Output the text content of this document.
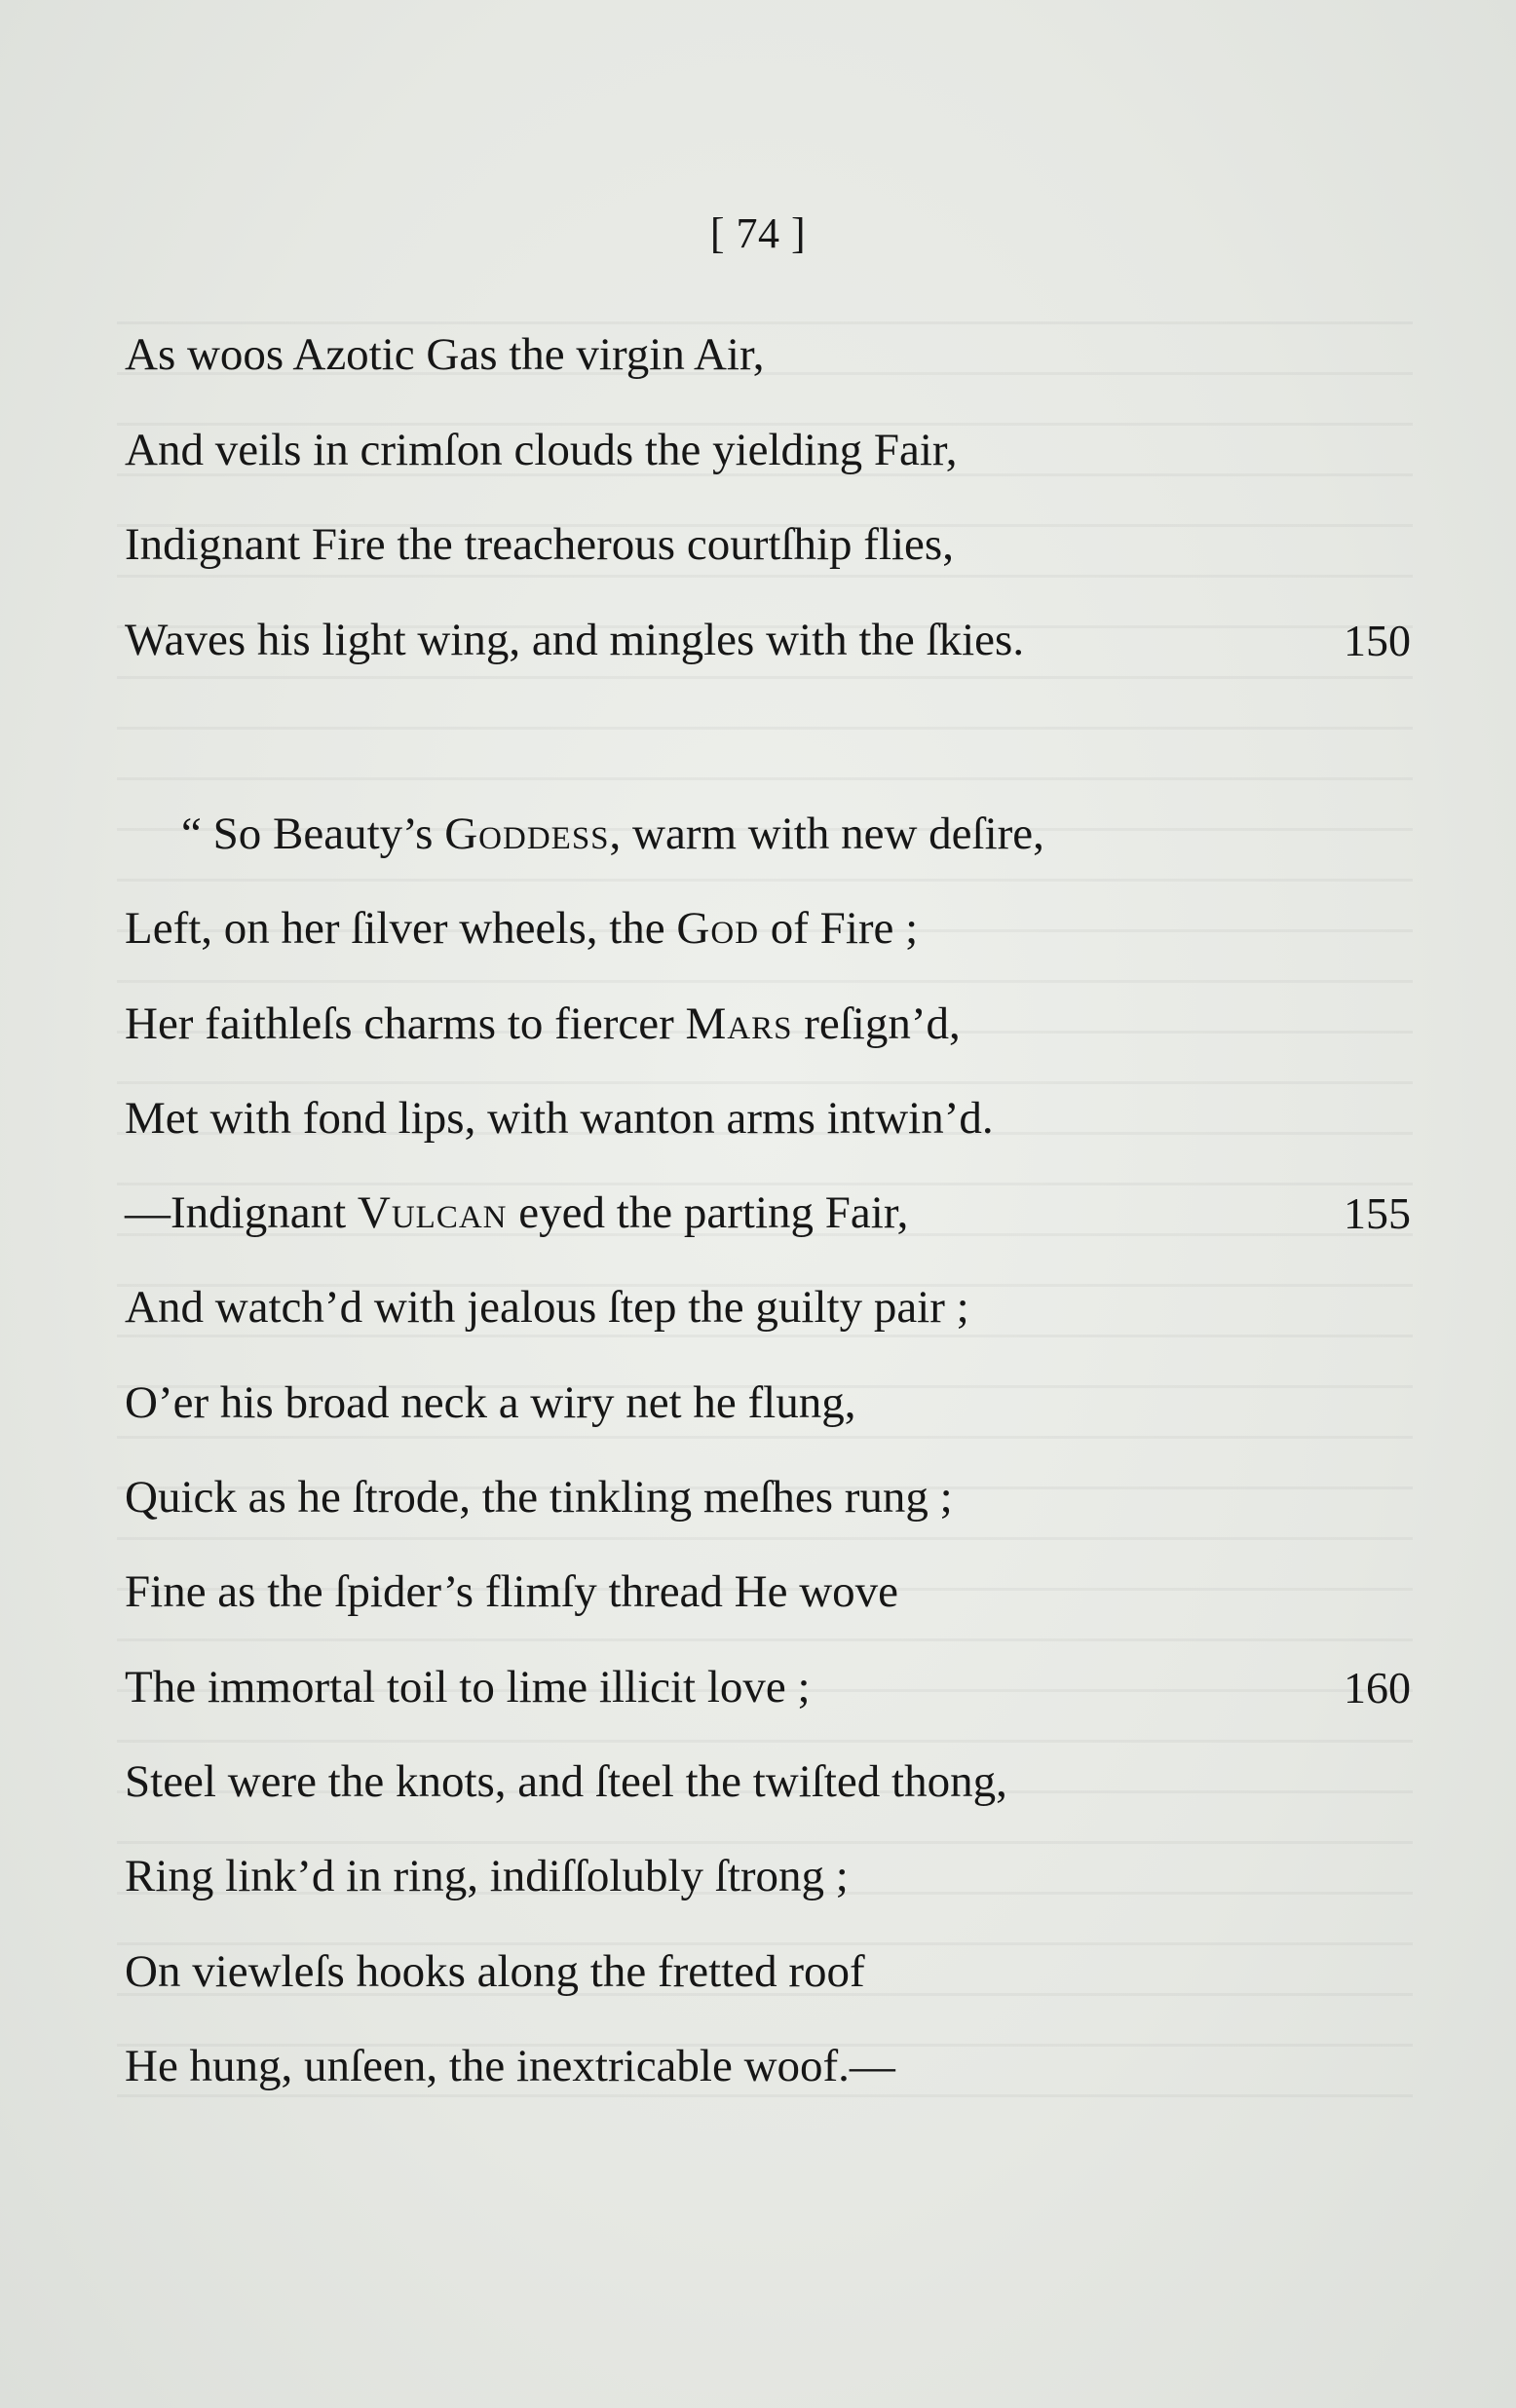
[ 74 ]
As woos Azotic Gas the virgin Air,
And veils in crimſon clouds the yielding Fair,
Indignant Fire the treacherous courtſhip flies,
Waves his light wing, and mingles with the ſkies.	150
“ So Beauty’s Goddess, warm with new deſire,
Left, on her ſilver wheels, the God of Fire ;
Her faithleſs charms to fiercer Mars reſign’d,
Met with fond lips, with wanton arms intwin’d.
—Indignant Vulcan eyed the parting Fair,	155
And watch’d with jealous ſtep the guilty pair ;
O’er his broad neck a wiry net he flung,
Quick as he ſtrode, the tinkling meſhes rung ;
Fine as the ſpider’s flimſy thread He wove
The immortal toil to lime illicit love ;	160
Steel were the knots, and ſteel the twiſted thong,
Ring link’d in ring, indiſſolubly ſtrong ;
On viewleſs hooks along the fretted roof
He hung, unſeen, the inextricable woof.—
